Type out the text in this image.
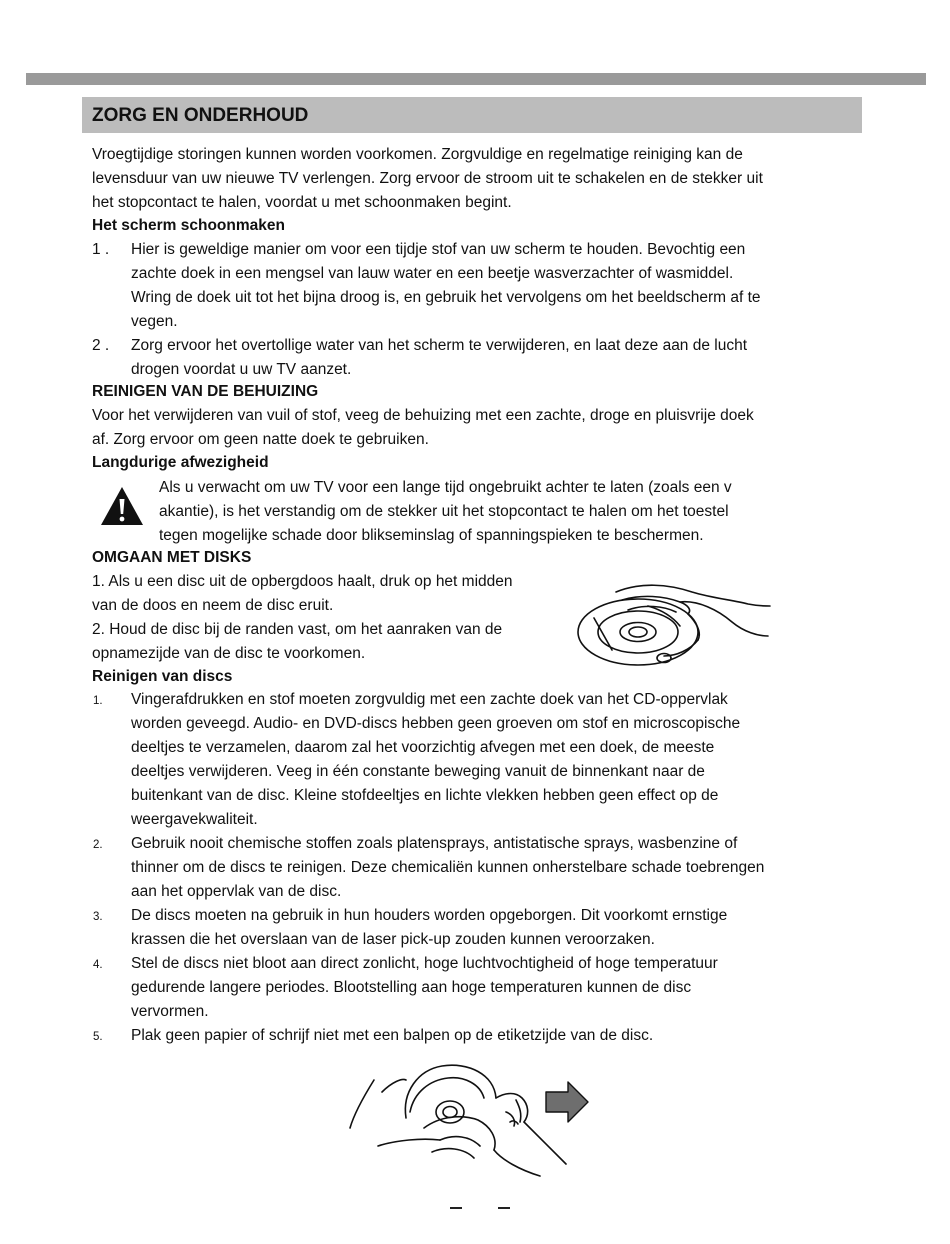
ZORG EN ONDERHOUD
Vroegtijdige storingen kunnen worden voorkomen. Zorgvuldige en regelmatige reiniging kan de
levensduur van uw nieuwe TV verlengen. Zorg ervoor de stroom uit te schakelen en de stekker uit
het stopcontact te halen, voordat u met schoonmaken begint.
Het scherm schoonmaken
1 . Hier is geweldige manier om voor een tijdje stof van uw scherm te houden. Bevochtig een
zachte doek in een mengsel van lauw water en een beetje wasverzachter of wasmiddel.
Wring de doek uit tot het bijna droog is, en gebruik het vervolgens om het beeldscherm af te
vegen.
2 . Zorg ervoor het overtollige water van het scherm te verwijderen, en laat deze aan de lucht
drogen voordat u uw TV aanzet.
REINIGEN VAN DE BEHUIZING
Voor het verwijderen van vuil of stof, veeg de behuizing met een zachte, droge en pluisvrije doek
af. Zorg ervoor om geen natte doek te gebruiken.
Langdurige afwezigheid
Als u verwacht om uw TV voor een lange tijd ongebruikt achter te laten (zoals een v
akantie), is het verstandig om de stekker uit het stopcontact te halen om het toestel
tegen mogelijke schade door blikseminslag of spanningspieken te beschermen.
OMGAAN MET DISKS
1. Als u een disc uit de opbergdoos haalt, druk op het midden
van de doos en neem de disc eruit.
2. Houd de disc bij de randen vast, om het aanraken van de
opnamezijde van de disc te voorkomen.
Reinigen van discs
1. Vingerafdrukken en stof moeten zorgvuldig met een zachte doek van het CD-oppervlak
worden geveegd. Audio- en DVD-discs hebben geen groeven om stof en microscopische
deeltjes te verzamelen, daarom zal het voorzichtig afvegen met een doek, de meeste
deeltjes verwijderen. Veeg in één constante beweging vanuit de binnenkant naar de
buitenkant van de disc. Kleine stofdeeltjes en lichte vlekken hebben geen effect op de
weergavekwaliteit.
2. Gebruik nooit chemische stoffen zoals platensprays, antistatische sprays, wasbenzine of
thinner om de discs te reinigen. Deze chemicaliën kunnen onherstelbare schade toebrengen
aan het oppervlak van de disc.
3. De discs moeten na gebruik in hun houders worden opgeborgen. Dit voorkomt ernstige
krassen die het overslaan van de laser pick-up zouden kunnen veroorzaken.
4. Stel de discs niet bloot aan direct zonlicht, hoge luchtvochtigheid of hoge temperatuur
gedurende langere periodes. Blootstelling aan hoge temperaturen kunnen de disc
vervormen.
5. Plak geen papier of schrijf niet met een balpen op de etiketzijde van de disc.
